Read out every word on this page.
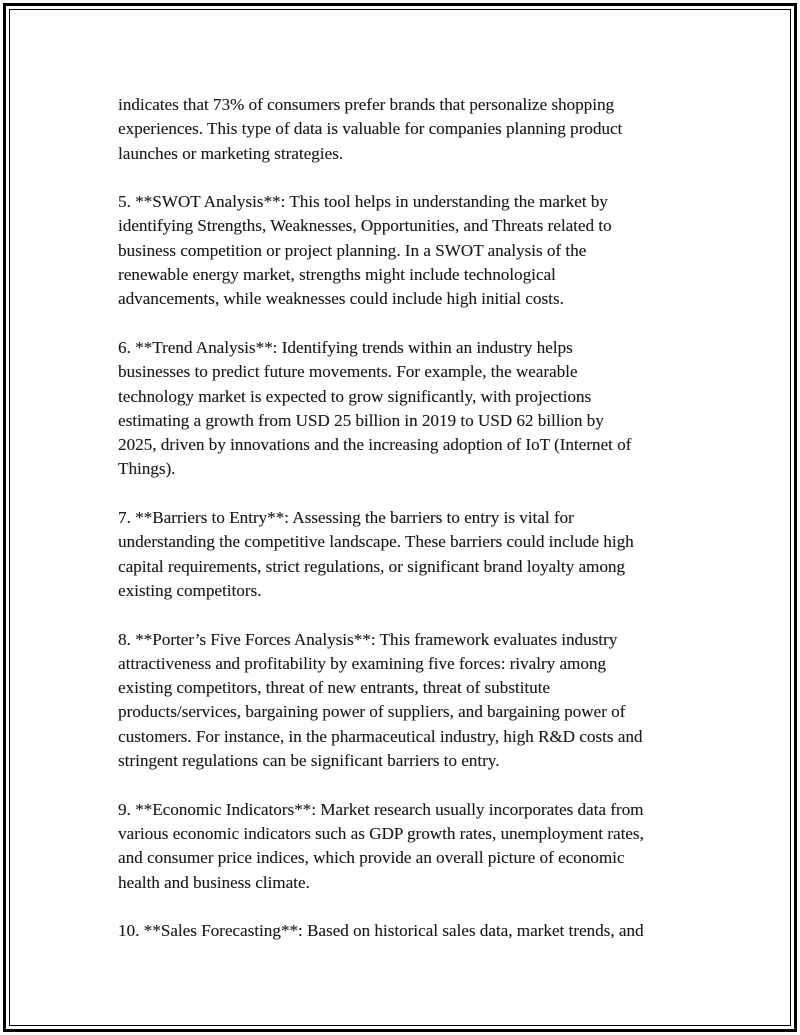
indicates that 73% of consumers prefer brands that personalize shopping
experiences. This type of data is valuable for companies planning product
launches or marketing strategies.

5. **SWOT Analysis**: This tool helps in understanding the market by
identifying Strengths, Weaknesses, Opportunities, and Threats related to
business competition or project planning. In a SWOT analysis of the
renewable energy market, strengths might include technological
advancements, while weaknesses could include high initial costs.

6. **Trend Analysis**: Identifying trends within an industry helps
businesses to predict future movements. For example, the wearable
technology market is expected to grow significantly, with projections
estimating a growth from USD 25 billion in 2019 to USD 62 billion by
2025, driven by innovations and the increasing adoption of IoT (Internet of
Things).

7. **Barriers to Entry**: Assessing the barriers to entry is vital for
understanding the competitive landscape. These barriers could include high
capital requirements, strict regulations, or significant brand loyalty among
existing competitors.

8. **Porter’s Five Forces Analysis**: This framework evaluates industry
attractiveness and profitability by examining five forces: rivalry among
existing competitors, threat of new entrants, threat of substitute
products/services, bargaining power of suppliers, and bargaining power of
customers. For instance, in the pharmaceutical industry, high R&D costs and
stringent regulations can be significant barriers to entry.

9. **Economic Indicators**: Market research usually incorporates data from
various economic indicators such as GDP growth rates, unemployment rates,
and consumer price indices, which provide an overall picture of economic
health and business climate.

10. **Sales Forecasting**: Based on historical sales data, market trends, and
